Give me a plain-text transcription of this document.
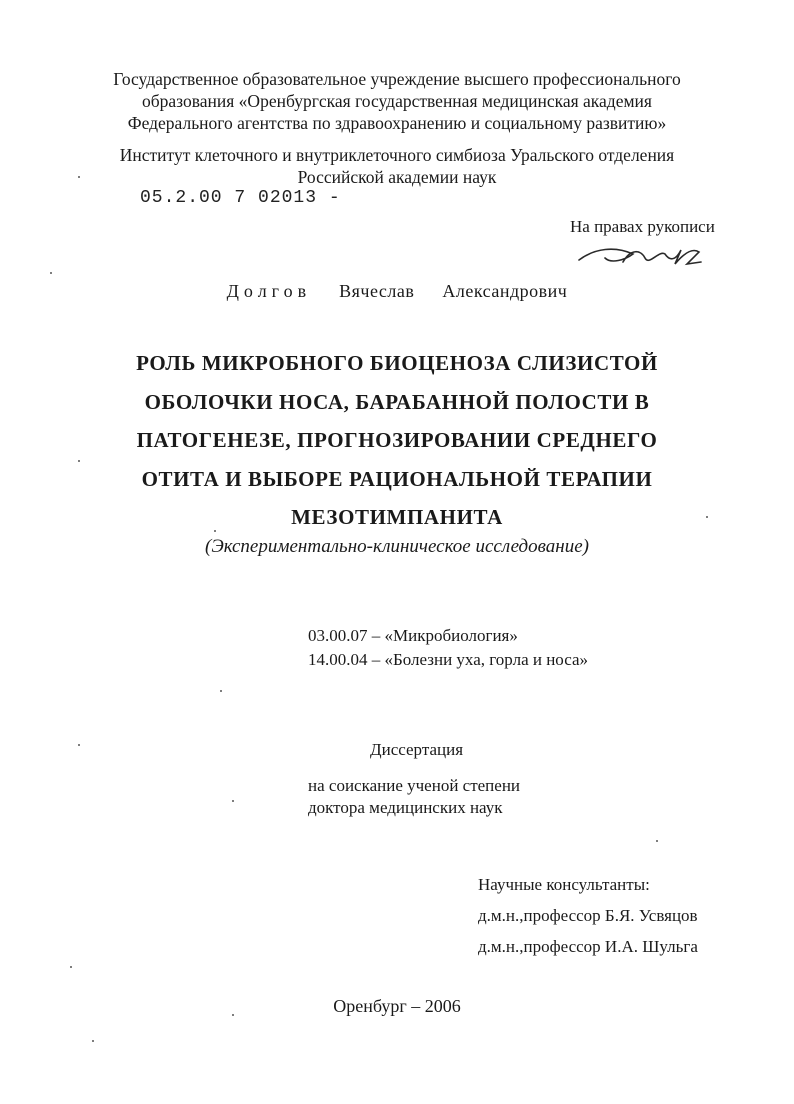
Государственное образовательное учреждение высшего профессионального
образования «Оренбургская государственная медицинская академия
Федерального агентства по здравоохранению и социальному развитию»
Институт клеточного и внутриклеточного симбиоза Уральского отделения
Российской академии наук
05.2.00 7 02013 -
На правах рукописи
Долгов Вячеслав Александрович
РОЛЬ МИКРОБНОГО БИОЦЕНОЗА СЛИЗИСТОЙ
ОБОЛОЧКИ НОСА, БАРАБАННОЙ ПОЛОСТИ В
ПАТОГЕНЕЗЕ, ПРОГНОЗИРОВАНИИ СРЕДНЕГО
ОТИТА И ВЫБОРЕ РАЦИОНАЛЬНОЙ ТЕРАПИИ
МЕЗОТИМПАНИТА
(Экспериментально-клиническое исследование)
03.00.07 – «Микробиология»
14.00.04 – «Болезни уха, горла и носа»
Диссертация
на соискание ученой степени
доктора медицинских наук
Научные консультанты:
д.м.н.,профессор Б.Я. Усвяцов
д.м.н.,профессор И.А. Шульга
Оренбург – 2006
